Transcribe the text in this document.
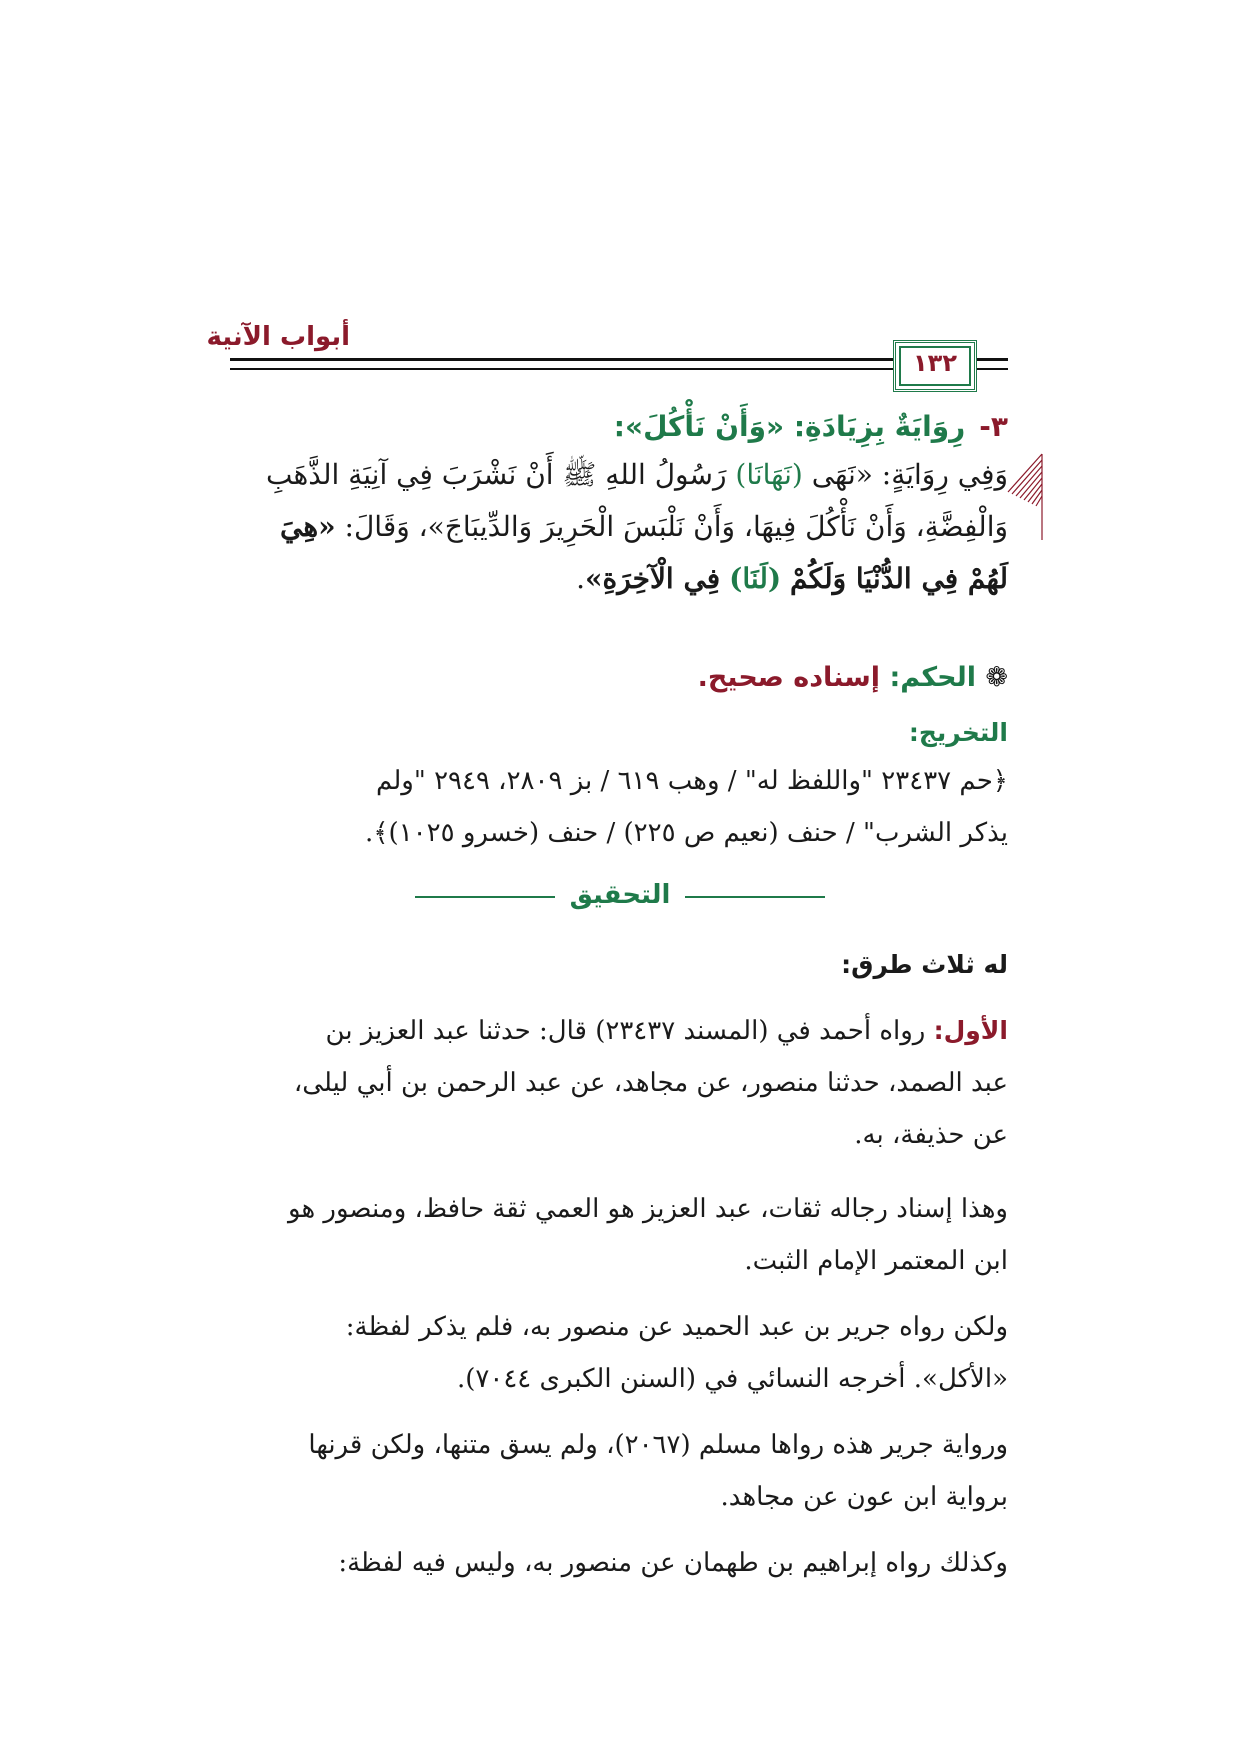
أبواب الآنية
١٣٢
٣-رِوَايَةٌ بِزِيَادَةِ: «وَأَنْ نَأْكُلَ»:
وَفِي رِوَايَةٍ: «نَهَى (نَهَانَا) رَسُولُ اللهِ ﷺ أَنْ نَشْرَبَ فِي آنِيَةِ الذَّهَبِ
وَالْفِضَّةِ، وَأَنْ نَأْكُلَ فِيهَا، وَأَنْ نَلْبَسَ الْحَرِيرَ وَالدِّيبَاجَ»، وَقَالَ: «هِيَ
لَهُمْ فِي الدُّنْيَا وَلَكُمْ (لَنَا) فِي الْآخِرَةِ».
❁ الحكم: إسناده صحيح.
التخريج:
﴿حم ٢٣٤٣٧ "واللفظ له" / وهب ٦١٩ / بز ٢٨٠٩، ٢٩٤٩ "ولم
يذكر الشرب" / حنف (نعيم ص ٢٢٥) / حنف (خسرو ١٠٢٥)﴾.
التحقيق
له ثلاث طرق:
الأول: رواه أحمد في (المسند ٢٣٤٣٧) قال: حدثنا عبد العزيز بن
عبد الصمد، حدثنا منصور، عن مجاهد، عن عبد الرحمن بن أبي ليلى،
عن حذيفة، به.
وهذا إسناد رجاله ثقات، عبد العزيز هو العمي ثقة حافظ، ومنصور هو
ابن المعتمر الإمام الثبت.
ولكن رواه جرير بن عبد الحميد عن منصور به، فلم يذكر لفظة:
«الأكل». أخرجه النسائي في (السنن الكبرى ٧٠٤٤).
ورواية جرير هذه رواها مسلم (٢٠٦٧)، ولم يسق متنها، ولكن قرنها
برواية ابن عون عن مجاهد.
وكذلك رواه إبراهيم بن طهمان عن منصور به، وليس فيه لفظة:
